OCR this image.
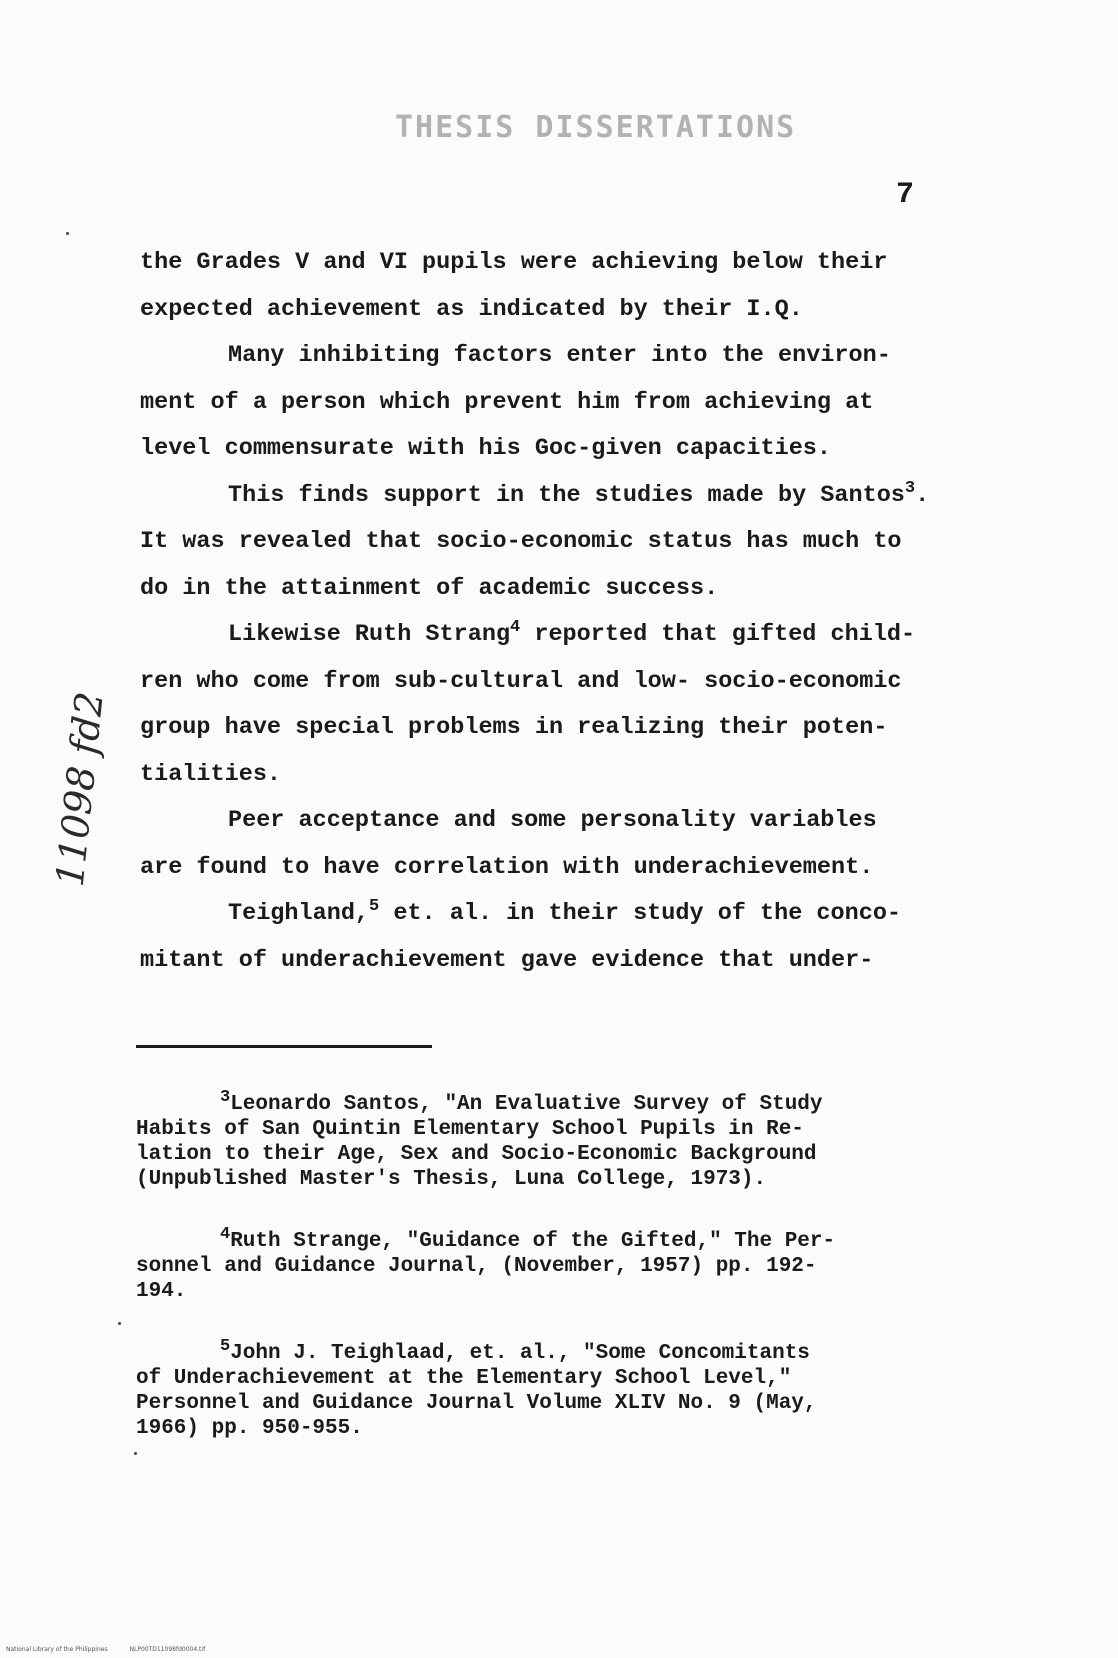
THESIS DISSERTATIONS
7
the Grades V and VI pupils were achieving below their
expected achievement as indicated by their I.Q.
Many inhibiting factors enter into the environ-
ment of a person which prevent him from achieving at
level commensurate with his Goc-given capacities.
This finds support in the studies made by Santos$^3$.
It was revealed that socio-economic status has much to
do in the attainment of academic success.
Likewise Ruth Strang$^4$ reported that gifted child-
ren who come from sub-cultural and low- socio-economic
group have special problems in realizing their poten-
tialities.
Peer acceptance and some personality variables
are found to have correlation with underachievement.
Teighland,$^5$ et. al. in their study of the conco-
mitant of underachievement gave evidence that under-
$^3$Leonardo Santos, "An Evaluative Survey of Study
Habits of San Quintin Elementary School Pupils in Re-
lation to their Age, Sex and Socio-Economic Background
(Unpublished Master's Thesis, Luna College, 1973).
$^4$Ruth Strange, "Guidance of the Gifted," The Per-
sonnel and Guidance Journal, (November, 1957) pp. 192-
194.
$^5$John J. Teighlaad, et. al., "Some Concomitants
of Underachievement at the Elementary School Level,"
Personnel and Guidance Journal Volume XLIV No. 9 (May,
1966) pp. 950-955.
11098 fd2
National Library of the Philippines	NLP00TD11098fd0004.tif
